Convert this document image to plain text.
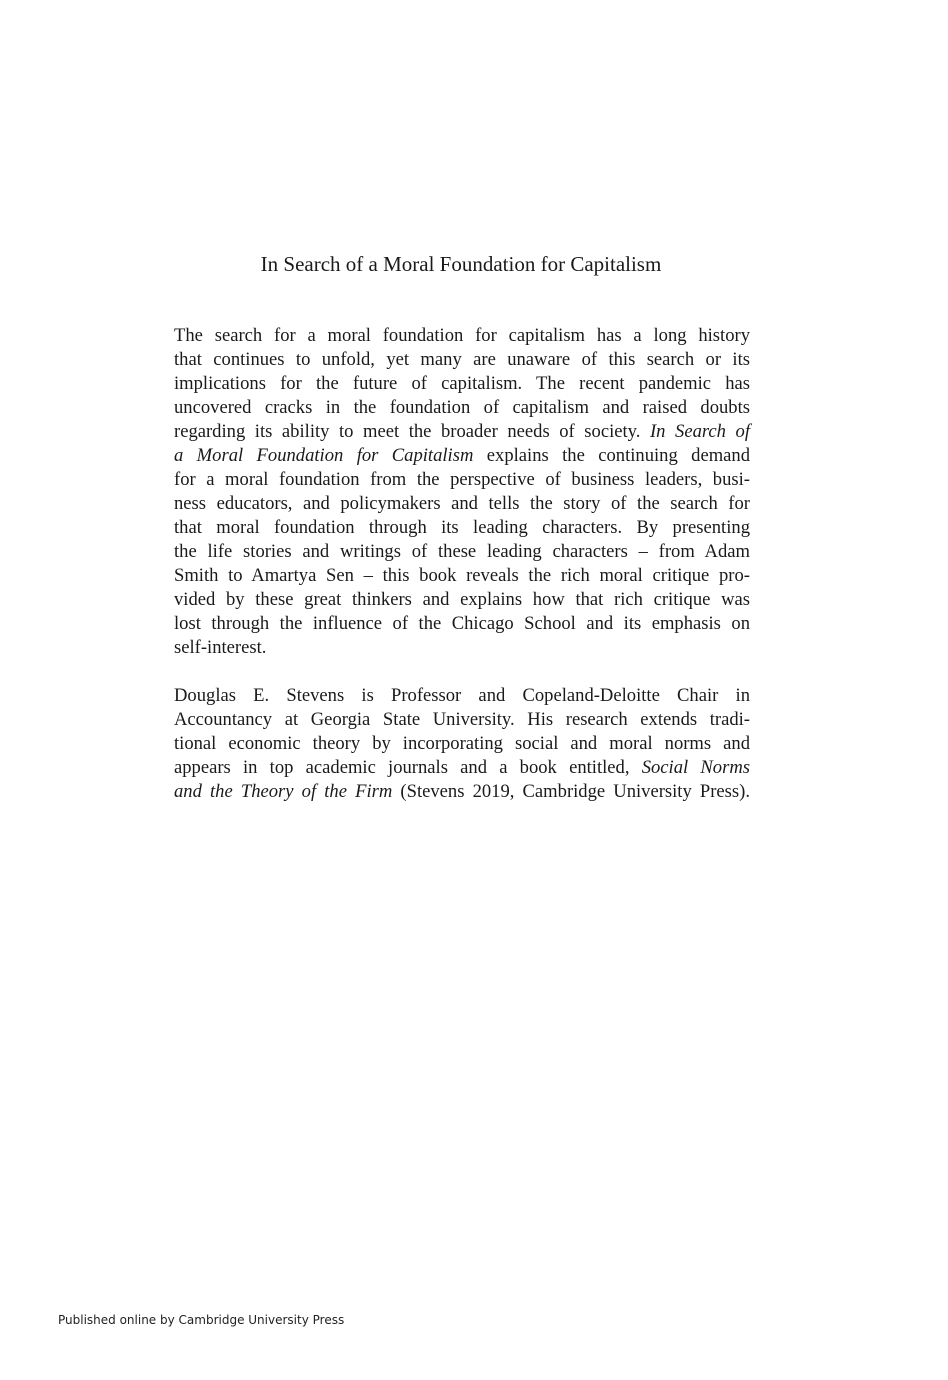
In Search of a Moral Foundation for Capitalism
The search for a moral foundation for capitalism has a long history
that continues to unfold, yet many are unaware of this search or its
implications for the future of capitalism. The recent pandemic has
uncovered cracks in the foundation of capitalism and raised doubts
regarding its ability to meet the broader needs of society. In Search of
a Moral Foundation for Capitalism explains the continuing demand
for a moral foundation from the perspective of business leaders, busi-
ness educators, and policymakers and tells the story of the search for
that moral foundation through its leading characters. By presenting
the life stories and writings of these leading characters – from Adam
Smith to Amartya Sen – this book reveals the rich moral critique pro-
vided by these great thinkers and explains how that rich critique was
lost through the influence of the Chicago School and its emphasis on
self-interest.
Douglas E. Stevens is Professor and Copeland-Deloitte Chair in
Accountancy at Georgia State University. His research extends tradi-
tional economic theory by incorporating social and moral norms and
appears in top academic journals and a book entitled, Social Norms
and the Theory of the Firm (Stevens 2019, Cambridge University Press).
Published online by Cambridge University Press
